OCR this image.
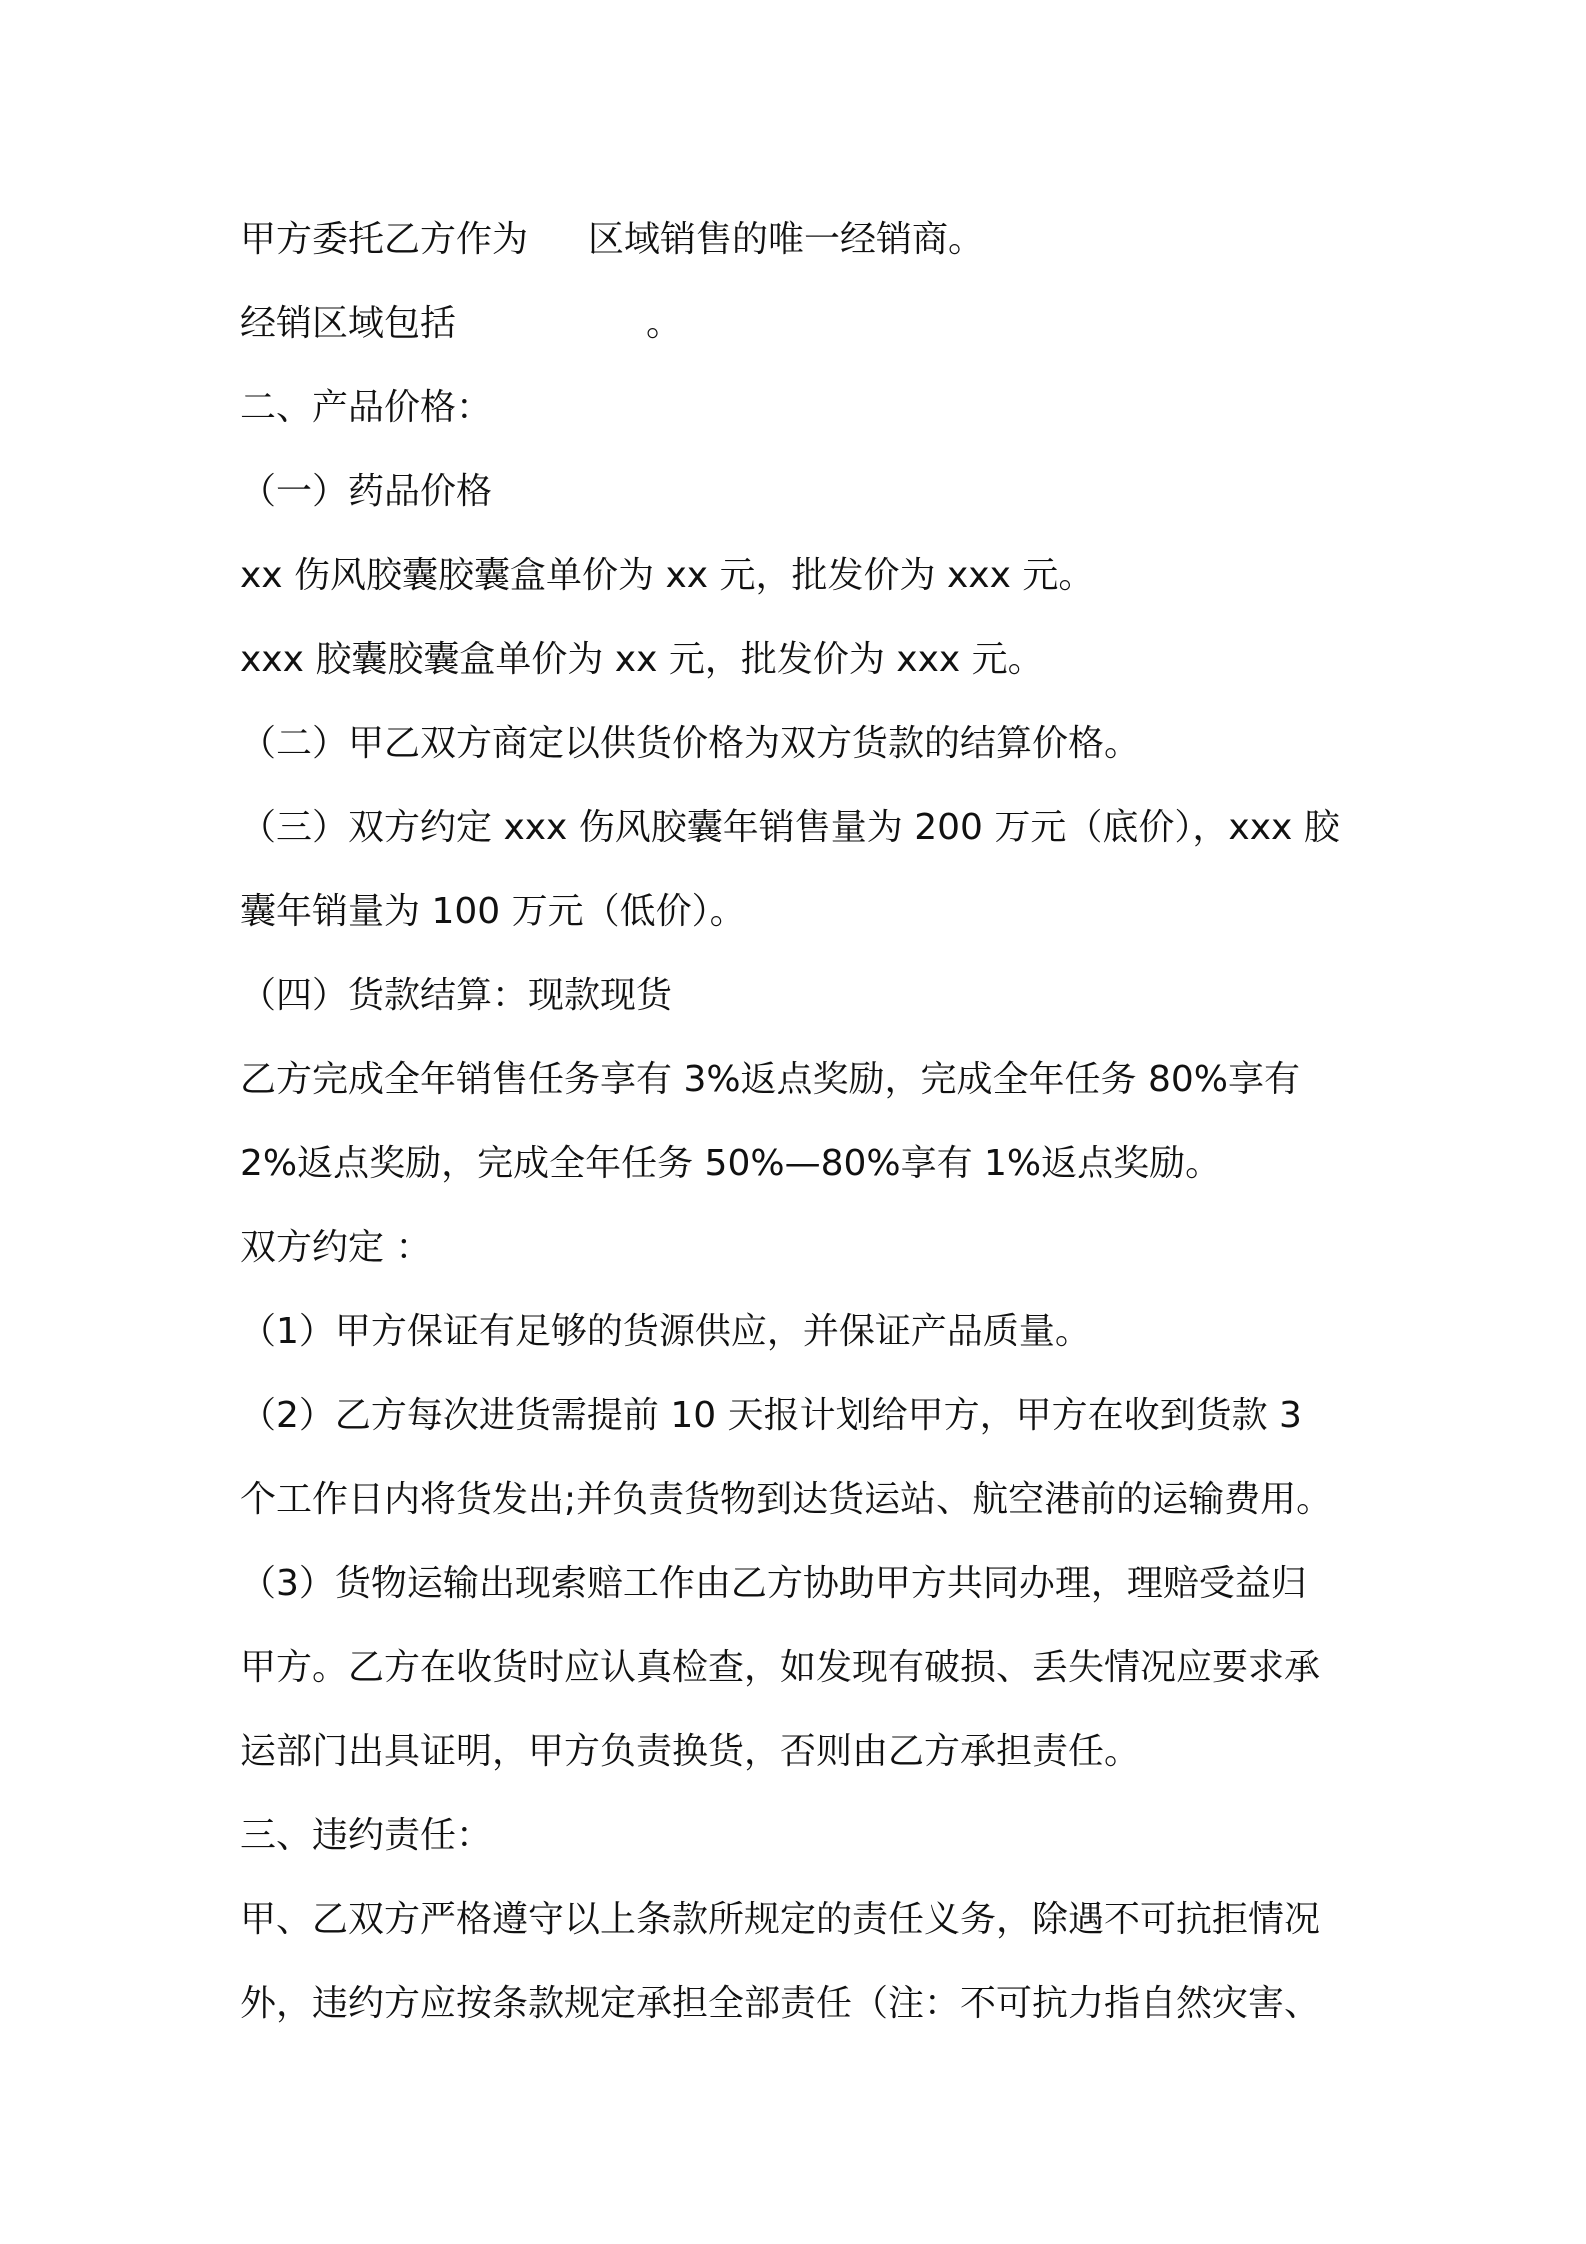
甲方委托乙方作为 区域销售的唯一经销商。
经销区域包括	。
二、产品价格：
（一）药品价格
xx 伤风胶囊胶囊盒单价为 xx 元，批发价为 xxx 元。
xxx 胶囊胶囊盒单价为 xx 元，批发价为 xxx 元。
（二）甲乙双方商定以供货价格为双方货款的结算价格。
（三）双方约定 xxx 伤风胶囊年销售量为 200 万元（底价），xxx 胶
囊年销量为 100 万元（低价）。
（四）货款结算：现款现货
乙方完成全年销售任务享有 3%返点奖励，完成全年任务 80%享有
2%返点奖励，完成全年任务 50%—80%享有 1%返点奖励。
双方约定 ：
（1）甲方保证有足够的货源供应，并保证产品质量。
（2）乙方每次进货需提前 10 天报计划给甲方，甲方在收到货款 3
个工作日内将货发出;并负责货物到达货运站、航空港前的运输费用。
（3）货物运输出现索赔工作由乙方协助甲方共同办理，理赔受益归
甲方。乙方在收货时应认真检查，如发现有破损、丢失情况应要求承
运部门出具证明，甲方负责换货，否则由乙方承担责任。
三、违约责任：
甲、乙双方严格遵守以上条款所规定的责任义务，除遇不可抗拒情况
外，违约方应按条款规定承担全部责任（注：不可抗力指自然灾害、
